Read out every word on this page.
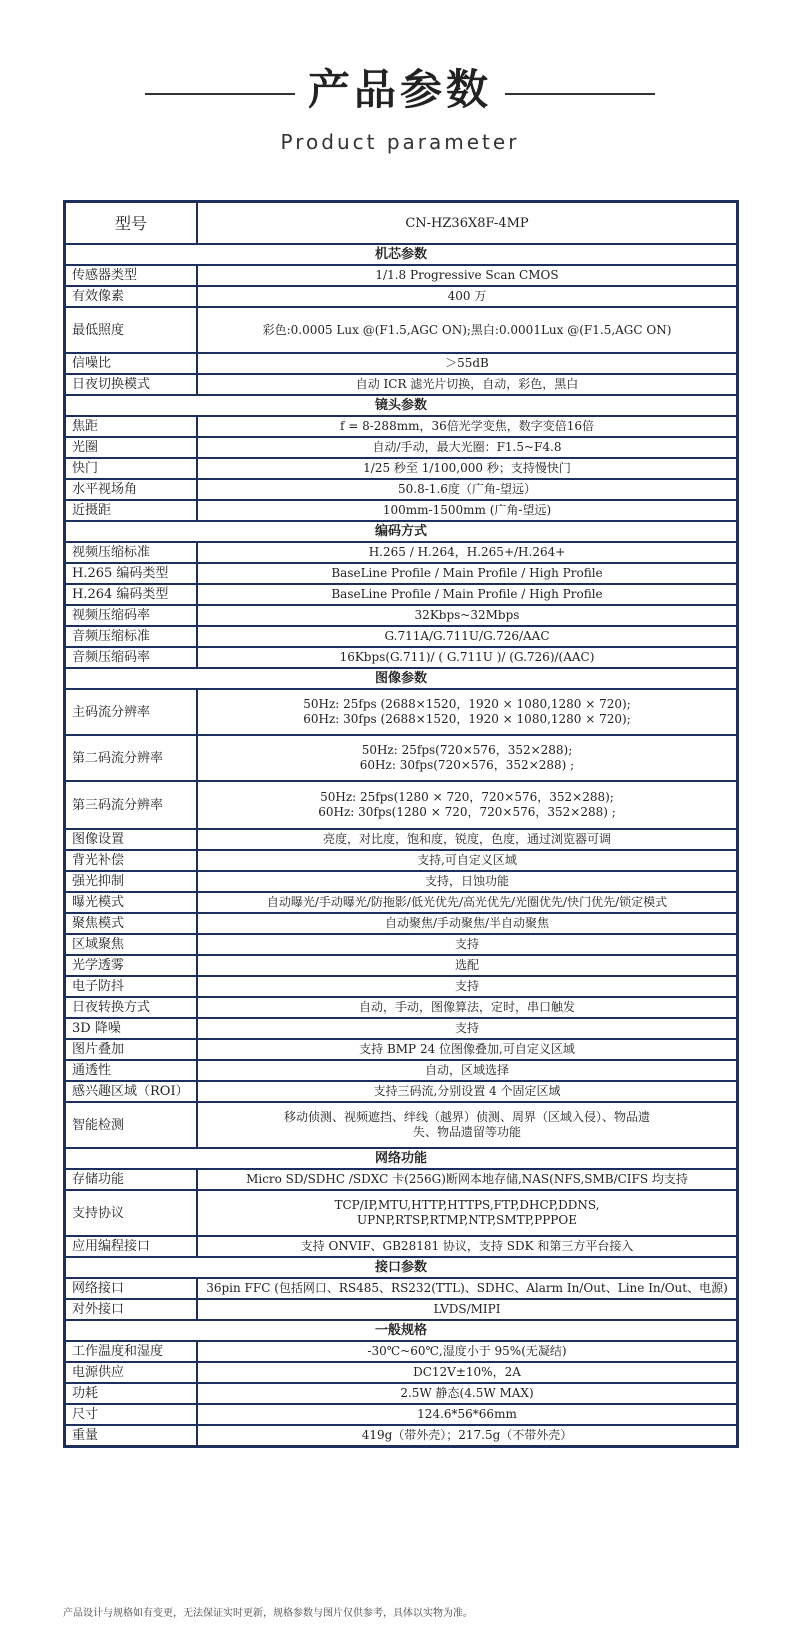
产品参数
Product parameter
型号	CN-HZ36X8F-4MP
机芯参数	
传感器类型	1/1.8 Progressive Scan CMOS

有效像素	400 万

最低照度	彩色:0.0005 Lux @(F1.5,AGC ON);黑白:0.0001Lux @(F1.5,AGC ON)

信噪比	＞55dB

日夜切换模式	自动 ICR 滤光片切换，自动，彩色，黑白

镜头参数	
焦距	f = 8-288mm，36倍光学变焦，数字变倍16倍

光圈	自动/手动，最大光圈：F1.5~F4.8

快门	1/25 秒至 1/100,000 秒；支持慢快门

水平视场角	50.8-1.6度（广角-望远）

近摄距	100mm-1500mm (广角-望远)

编码方式	
视频压缩标准	H.265 / H.264，H.265+/H.264+

H.265 编码类型	BaseLine Profile / Main Profile / High Profile

H.264 编码类型	BaseLine Profile / Main Profile / High Profile

视频压缩码率	32Kbps~32Mbps

音频压缩标准	G.711A/G.711U/G.726/AAC

音频压缩码率	16Kbps(G.711)/ ( G.711U )/ (G.726)/(AAC)

图像参数	
主码流分辨率	50Hz: 25fps (2688×1520，1920 × 1080,1280 × 720);
60Hz: 30fps (2688×1520，1920 × 1080,1280 × 720);

第二码流分辨率	50Hz: 25fps(720×576，352×288);
60Hz: 30fps(720×576，352×288) ;

第三码流分辨率	50Hz: 25fps(1280 × 720，720×576，352×288);
60Hz: 30fps(1280 × 720，720×576，352×288) ;

图像设置	亮度，对比度，饱和度，锐度，色度，通过浏览器可调

背光补偿	支持,可自定义区域

强光抑制	支持，日蚀功能

曝光模式	自动曝光/手动曝光/防拖影/低光优先/高光优先/光圈优先/快门优先/锁定模式

聚焦模式	自动聚焦/手动聚焦/半自动聚焦

区域聚焦	支持

光学透雾	选配

电子防抖	支持

日夜转换方式	自动，手动，图像算法，定时，串口触发

3D 降噪	支持

图片叠加	支持 BMP 24 位图像叠加,可自定义区域

通透性	自动，区域选择

感兴趣区域（ROI）	支持三码流,分别设置 4 个固定区域

智能检测	移动侦测、视频遮挡、绊线（越界）侦测、周界（区域入侵）、物品遗
失、物品遗留等功能

网络功能	
存储功能	Micro SD/SDHC /SDXC 卡(256G)断网本地存储,NAS(NFS,SMB/CIFS 均支持

支持协议	TCP/IP,MTU,HTTP,HTTPS,FTP,DHCP,DDNS,
UPNP,RTSP,RTMP,NTP,SMTP,PPPOE

应用编程接口	支持 ONVIF、GB28181 协议，支持 SDK 和第三方平台接入

接口参数	
网络接口	36pin FFC (包括网口、RS485、RS232(TTL)、SDHC、Alarm In/Out、Line In/Out、电源)

对外接口	LVDS/MIPI

一般规格	
工作温度和湿度	-30℃~60℃,湿度小于 95%(无凝结)

电源供应	DC12V±10%，2A

功耗	2.5W 静态(4.5W MAX)

尺寸	124.6*56*66mm

重量	419g（带外壳）；217.5g（不带外壳）
产品设计与规格如有变更，无法保证实时更新，规格参数与图片仅供参考，具体以实物为准。
